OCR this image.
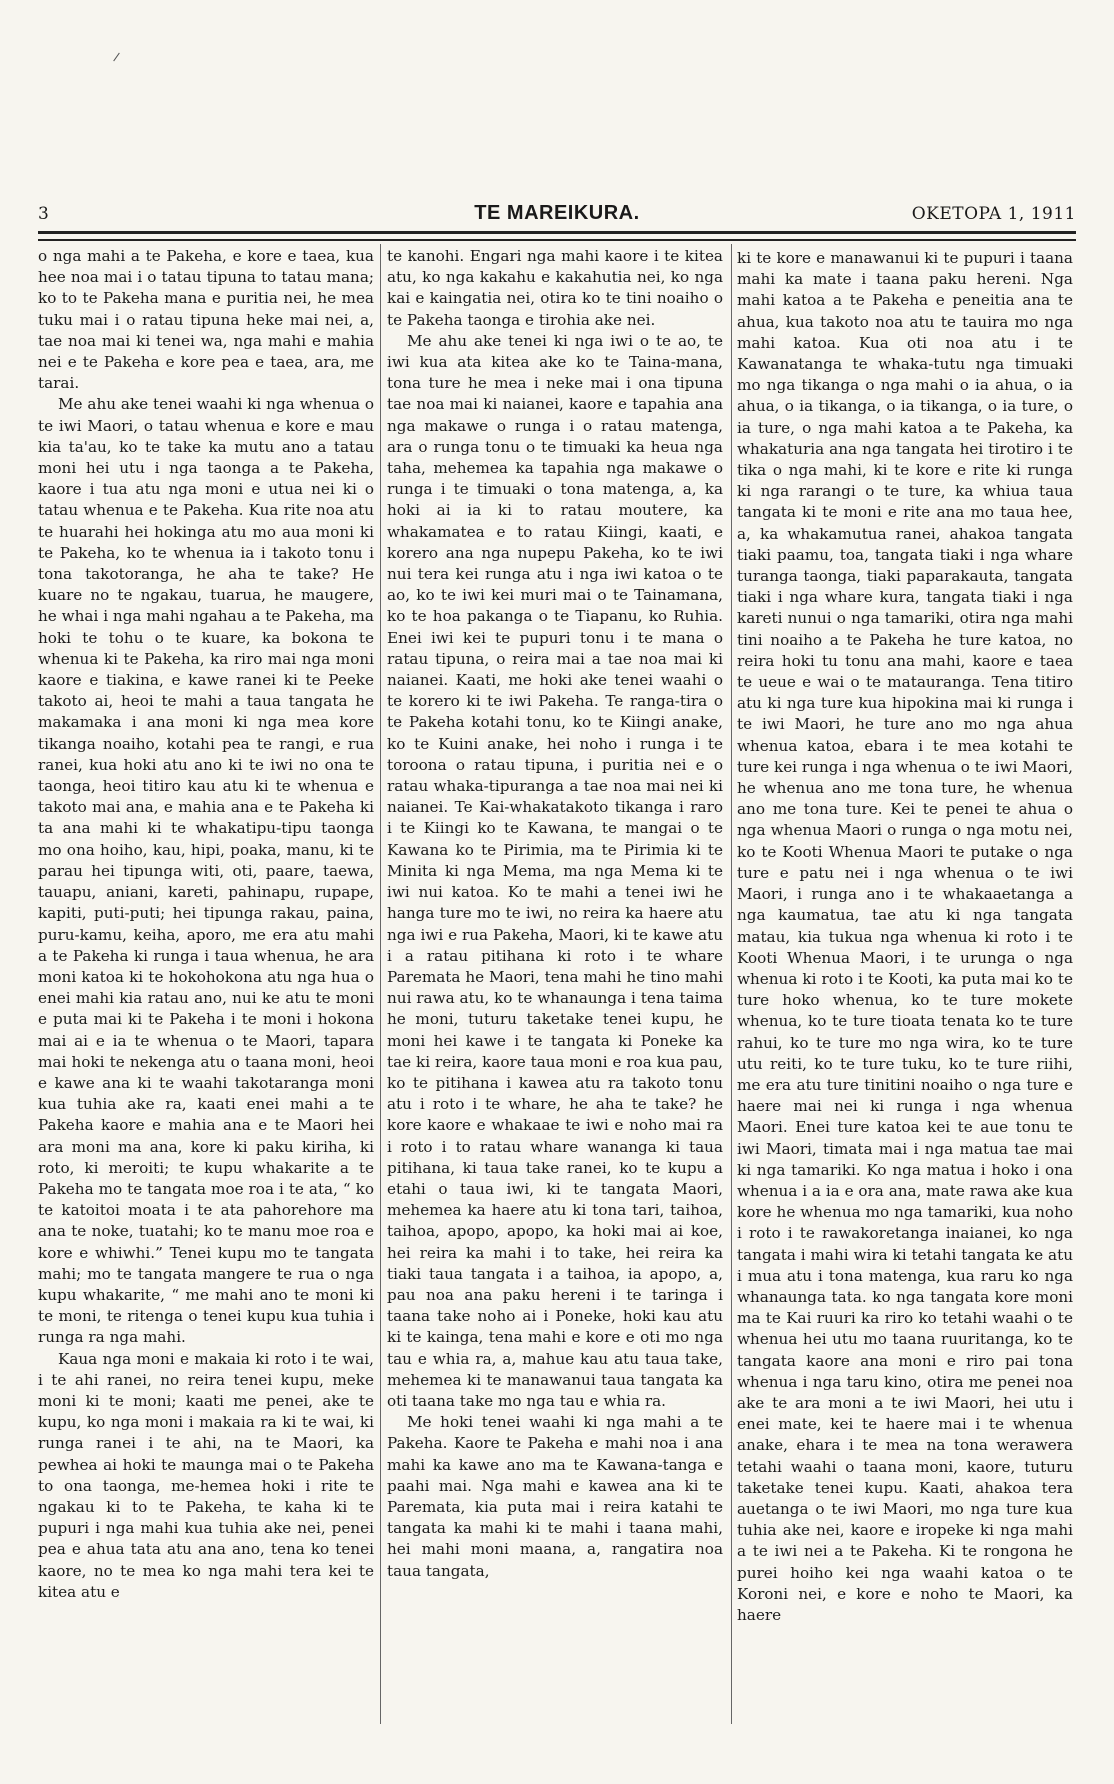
3	TE MAREIKURA.	OKETOPA 1, 1911

o nga mahi a te Pakeha, e kore e taea, kua hee noa mai i o tatau tipuna to tatau mana; ko to te Pakeha mana e puritia nei, he mea tuku mai i o ratau tipuna heke mai nei, a, tae noa mai ki tenei wa, nga mahi e mahia nei e te Pakeha e kore pea e taea, ara, me tarai.

Me ahu ake tenei waahi ki nga whenua o te iwi Maori, o tatau whenua e kore e mau kia ta'au, ko te take ka mutu ano a tatau moni hei utu i nga taonga a te Pakeha, kaore i tua atu nga moni e utua nei ki o tatau whenua e te Pakeha. Kua rite noa atu te huarahi hei hokinga atu mo aua moni ki te Pakeha, ko te whenua ia i takoto tonu i tona takotoranga, he aha te take? He kuare no te ngakau, tuarua, he maugere, he whai i nga mahi ngahau a te Pakeha, ma hoki te tohu o te kuare, ka bokona te whenua ki te Pakeha, ka riro mai nga moni kaore e tiakina, e kawe ranei ki te Peeke takoto ai, heoi te mahi a taua tangata he makamaka i ana moni ki nga mea kore tikanga noaiho, kotahi pea te rangi, e rua ranei, kua hoki atu ano ki te iwi no ona te taonga, heoi titiro kau atu ki te whenua e takoto mai ana, e mahia ana e te Pakeha ki ta ana mahi ki te whakatipu-tipu taonga mo ona hoiho, kau, hipi, poaka, manu, ki te parau hei tipunga witi, oti, paare, taewa, tauapu, aniani, kareti, pahinapu, rupape, kapiti, puti-puti; hei tipunga rakau, paina, puru-kamu, keiha, aporo, me era atu mahi a te Pakeha ki runga i taua whenua, he ara moni katoa ki te hokohokona atu nga hua o enei mahi kia ratau ano, nui ke atu te moni e puta mai ki te Pakeha i te moni i hokona mai ai e ia te whenua o te Maori, tapara mai hoki te nekenga atu o taana moni, heoi e kawe ana ki te waahi takotaranga moni kua tuhia ake ra, kaati enei mahi a te Pakeha kaore e mahia ana e te Maori hei ara moni ma ana, kore ki paku kiriha, ki roto, ki meroiti; te kupu whakarite a te Pakeha mo te tangata moe roa i te ata, “ ko te katoitoi moata i te ata pahorehore ma ana te noke, tuatahi; ko te manu moe roa e kore e whiwhi.” Tenei kupu mo te tangata mahi; mo te tangata mangere te rua o nga kupu whakarite, “ me mahi ano te moni ki te moni, te ritenga o tenei kupu kua tuhia i runga ra nga mahi.

Kaua nga moni e makaia ki roto i te wai, i te ahi ranei, no reira tenei kupu, meke moni ki te moni; kaati me penei, ake te kupu, ko nga moni i makaia ra ki te wai, ki runga ranei i te ahi, na te Maori, ka pewhea ai hoki te maunga mai o te Pakeha to ona taonga, me-hemea hoki i rite te ngakau ki to te Pakeha, te kaha ki te pupuri i nga mahi kua tuhia ake nei, penei pea e ahua tata atu ana ano, tena ko tenei kaore, no te mea ko nga mahi tera kei te kitea atu e

te kanohi. Engari nga mahi kaore i te kitea atu, ko nga kakahu e kakahutia nei, ko nga kai e kaingatia nei, otira ko te tini noaiho o te Pakeha taonga e tirohia ake nei.

Me ahu ake tenei ki nga iwi o te ao, te iwi kua ata kitea ake ko te Taina-mana, tona ture he mea i neke mai i ona tipuna tae noa mai ki naianei, kaore e tapahia ana nga makawe o runga i o ratau matenga, ara o runga tonu o te timuaki ka heua nga taha, mehemea ka tapahia nga makawe o runga i te timuaki o tona matenga, a, ka hoki ai ia ki to ratau moutere, ka whakamatea e to ratau Kiingi, kaati, e korero ana nga nupepu Pakeha, ko te iwi nui tera kei runga atu i nga iwi katoa o te ao, ko te iwi kei muri mai o te Tainamana, ko te hoa pakanga o te Tiapanu, ko Ruhia. Enei iwi kei te pupuri tonu i te mana o ratau tipuna, o reira mai a tae noa mai ki naianei. Kaati, me hoki ake tenei waahi o te korero ki te iwi Pakeha. Te ranga-tira o te Pakeha kotahi tonu, ko te Kiingi anake, ko te Kuini anake, hei noho i runga i te toroona o ratau tipuna, i puritia nei e o ratau whaka-tipuranga a tae noa mai nei ki naianei. Te Kai-whakatakoto tikanga i raro i te Kiingi ko te Kawana, te mangai o te Kawana ko te Pirimia, ma te Pirimia ki te Minita ki nga Mema, ma nga Mema ki te iwi nui katoa. Ko te mahi a tenei iwi he hanga ture mo te iwi, no reira ka haere atu nga iwi e rua Pakeha, Maori, ki te kawe atu i a ratau pitihana ki roto i te whare Paremata he Maori, tena mahi he tino mahi nui rawa atu, ko te whanaunga i tena taima he moni, tuturu taketake tenei kupu, he moni hei kawe i te tangata ki Poneke ka tae ki reira, kaore taua moni e roa kua pau, ko te pitihana i kawea atu ra takoto tonu atu i roto i te whare, he aha te take? he kore kaore e whakaae te iwi e noho mai ra i roto i to ratau whare wananga ki taua pitihana, ki taua take ranei, ko te kupu a etahi o taua iwi, ki te tangata Maori, mehemea ka haere atu ki tona tari, taihoa, taihoa, apopo, apopo, ka hoki mai ai koe, hei reira ka mahi i to take, hei reira ka tiaki taua tangata i a taihoa, ia apopo, a, pau noa ana paku hereni i te taringa i taana take noho ai i Poneke, hoki kau atu ki te kainga, tena mahi e kore e oti mo nga tau e whia ra, a, mahue kau atu taua take, mehemea ki te manawanui taua tangata ka oti taana take mo nga tau e whia ra.

Me hoki tenei waahi ki nga mahi a te Pakeha. Kaore te Pakeha e mahi noa i ana mahi ka kawe ano ma te Kawana-tanga e paahi mai. Nga mahi e kawea ana ki te Paremata, kia puta mai i reira katahi te tangata ka mahi ki te mahi i taana mahi, hei mahi moni maana, a, rangatira noa taua tangata,

ki te kore e manawanui ki te pupuri i taana mahi ka mate i taana paku hereni. Nga mahi katoa a te Pakeha e peneitia ana te ahua, kua takoto noa atu te tauira mo nga mahi katoa. Kua oti noa atu i te Kawanatanga te whaka-tutu nga timuaki mo nga tikanga o nga mahi o ia ahua, o ia ahua, o ia tikanga, o ia tikanga, o ia ture, o ia ture, o nga mahi katoa a te Pakeha, ka whakaturia ana nga tangata hei tirotiro i te tika o nga mahi, ki te kore e rite ki runga ki nga rarangi o te ture, ka whiua taua tangata ki te moni e rite ana mo taua hee, a, ka whakamutua ranei, ahakoa tangata tiaki paamu, toa, tangata tiaki i nga whare turanga taonga, tiaki paparakauta, tangata tiaki i nga whare kura, tangata tiaki i nga kareti nunui o nga tamariki, otira nga mahi tini noaiho a te Pakeha he ture katoa, no reira hoki tu tonu ana mahi, kaore e taea te ueue e wai o te matauranga. Tena titiro atu ki nga ture kua hipokina mai ki runga i te iwi Maori, he ture ano mo nga ahua whenua katoa, ebara i te mea kotahi te ture kei runga i nga whenua o te iwi Maori, he whenua ano me tona ture, he whenua ano me tona ture. Kei te penei te ahua o nga whenua Maori o runga o nga motu nei, ko te Kooti Whenua Maori te putake o nga ture e patu nei i nga whenua o te iwi Maori, i runga ano i te whakaaetanga a nga kaumatua, tae atu ki nga tangata matau, kia tukua nga whenua ki roto i te Kooti Whenua Maori, i te urunga o nga whenua ki roto i te Kooti, ka puta mai ko te ture hoko whenua, ko te ture mokete whenua, ko te ture tioata tenata ko te ture rahui, ko te ture mo nga wira, ko te ture utu reiti, ko te ture tuku, ko te ture riihi, me era atu ture tinitini noaiho o nga ture e haere mai nei ki runga i nga whenua Maori. Enei ture katoa kei te aue tonu te iwi Maori, timata mai i nga matua tae mai ki nga tamariki. Ko nga matua i hoko i ona whenua i a ia e ora ana, mate rawa ake kua kore he whenua mo nga tamariki, kua noho i roto i te rawakoretanga inaianei, ko nga tangata i mahi wira ki tetahi tangata ke atu i mua atu i tona matenga, kua raru ko nga whanaunga tata. ko nga tangata kore moni ma te Kai ruuri ka riro ko tetahi waahi o te whenua hei utu mo taana ruuritanga, ko te tangata kaore ana moni e riro pai tona whenua i nga taru kino, otira me penei noa ake te ara moni a te iwi Maori, hei utu i enei mate, kei te haere mai i te whenua anake, ehara i te mea na tona werawera tetahi waahi o taana moni, kaore, tuturu taketake tenei kupu. Kaati, ahakoa tera auetanga o te iwi Maori, mo nga ture kua tuhia ake nei, kaore e iropeke ki nga mahi a te iwi nei a te Pakeha. Ki te rongona he purei hoiho kei nga waahi katoa o te Koroni nei, e kore e noho te Maori, ka haere
